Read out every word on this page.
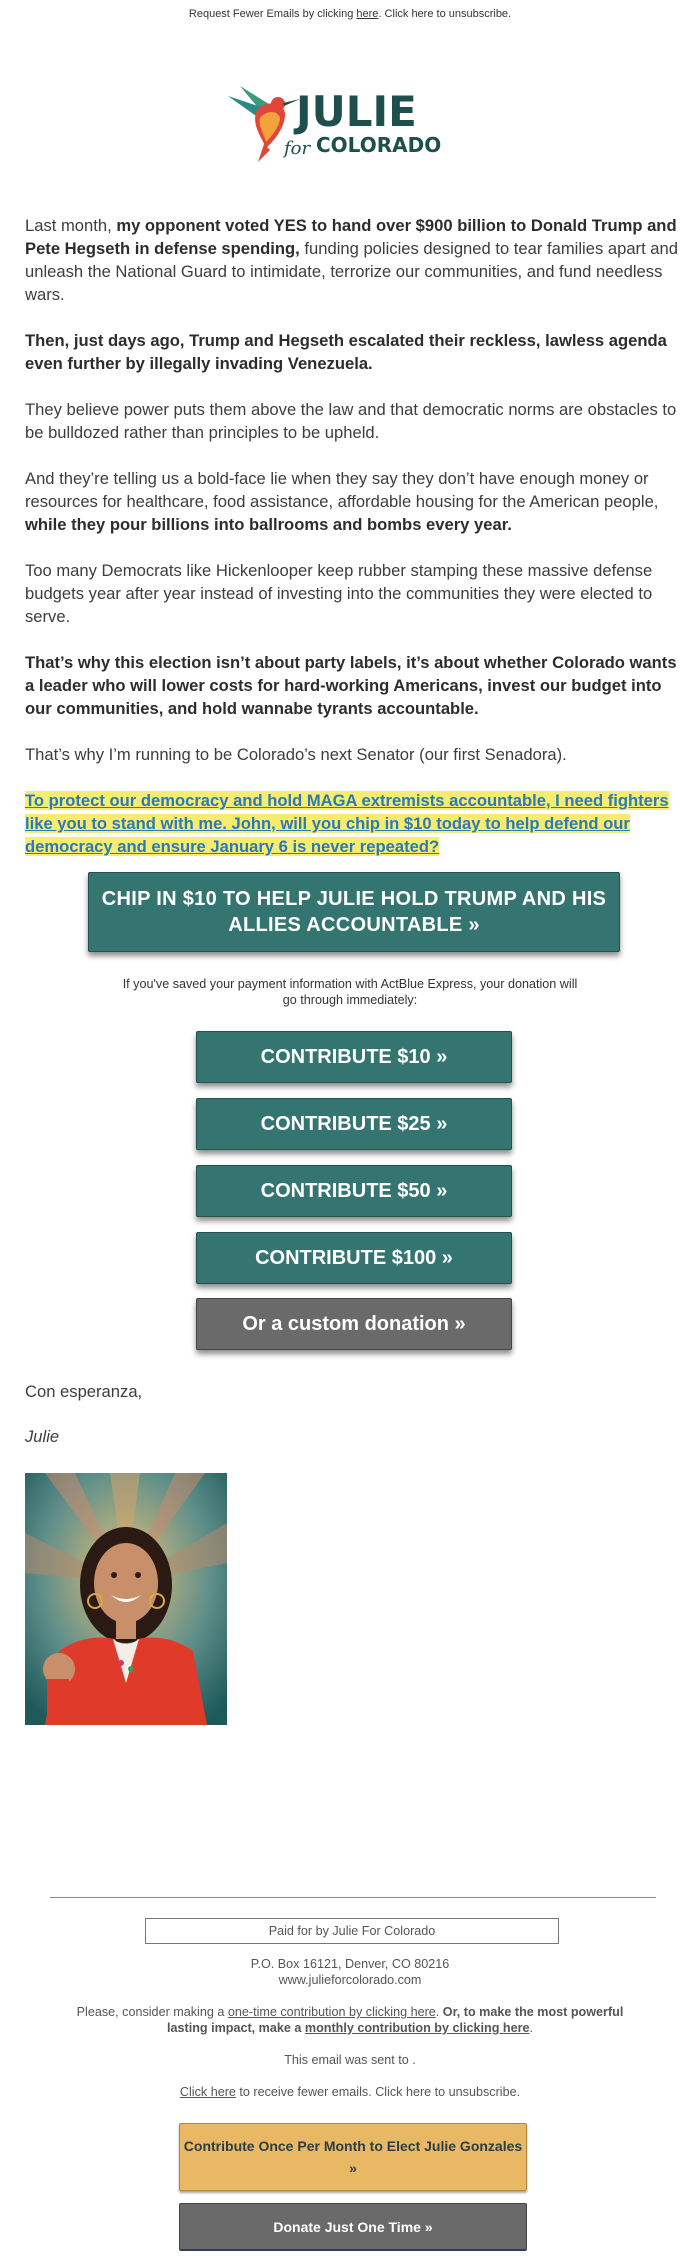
Request Fewer Emails by clicking here. Click here to unsubscribe.
JULIE
for COLORADO

Last month, my opponent voted YES to hand over $900 billion to Donald Trump and Pete Hegseth in defense spending, funding policies designed to tear families apart and unleash the National Guard to intimidate, terrorize our communities, and fund needless wars.

Then, just days ago, Trump and Hegseth escalated their reckless, lawless agenda even further by illegally invading Venezuela.

They believe power puts them above the law and that democratic norms are obstacles to be bulldozed rather than principles to be upheld.

And they’re telling us a bold-face lie when they say they don’t have enough money or resources for healthcare, food assistance, affordable housing for the American people, while they pour billions into ballrooms and bombs every year.

Too many Democrats like Hickenlooper keep rubber stamping these massive defense budgets year after year instead of investing into the communities they were elected to serve.

That’s why this election isn’t about party labels, it’s about whether Colorado wants a leader who will lower costs for hard-working Americans, invest our budget into our communities, and hold wannabe tyrants accountable.

That’s why I’m running to be Colorado’s next Senator (our first Senadora).

To protect our democracy and hold MAGA extremists accountable, I need fighters like you to stand with me. John, will you chip in $10 today to help defend our democracy and ensure January 6 is never repeated?

CHIP IN $10 TO HELP JULIE HOLD TRUMP AND HIS ALLIES ACCOUNTABLE »
If you've saved your payment information with ActBlue Express, your donation will go through immediately:
CONTRIBUTE $10 »
CONTRIBUTE $25 »
CONTRIBUTE $50 »
CONTRIBUTE $100 »
Or a custom donation »
Con esperanza,
Julie
Paid for by Julie For Colorado
P.O. Box 16121, Denver, CO 80216
www.julieforcolorado.com
Please, consider making a one-time contribution by clicking here. Or, to make the most powerful lasting impact, make a monthly contribution by clicking here.
This email was sent to .
Click here to receive fewer emails. Click here to unsubscribe.
Contribute Once Per Month to Elect Julie Gonzales »
Donate Just One Time »
